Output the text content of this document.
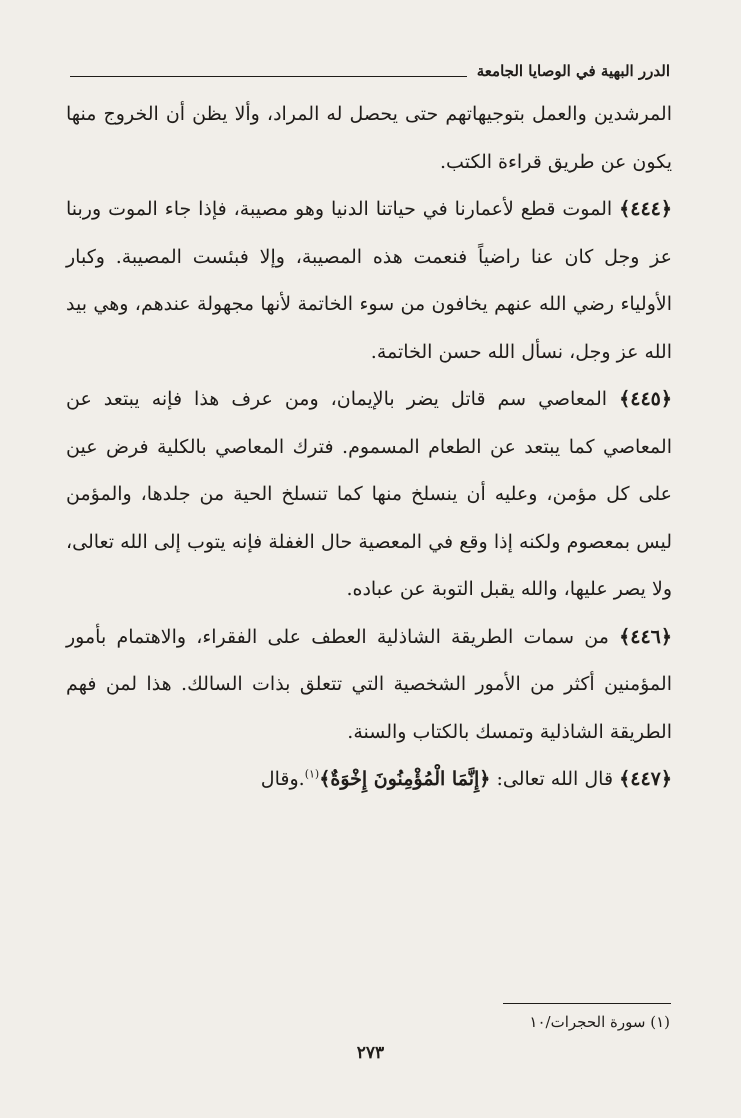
الدرر البهية في الوصايا الجامعة

المرشدين والعمل بتوجيهاتهم حتى يحصل له المراد، وألا يظن أن الخروج منها يكون عن طريق قراءة الكتب.

﴿٤٤٤﴾ الموت قطع لأعمارنا في حياتنا الدنيا وهو مصيبة، فإذا جاء الموت وربنا عز وجل كان عنا راضياً فنعمت هذه المصيبة، وإلا فبئست المصيبة. وكبار الأولياء رضي الله عنهم يخافون من سوء الخاتمة لأنها مجهولة عندهم، وهي بيد الله عز وجل، نسأل الله حسن الخاتمة.

﴿٤٤٥﴾ المعاصي سم قاتل يضر بالإيمان، ومن عرف هذا فإنه يبتعد عن المعاصي كما يبتعد عن الطعام المسموم. فترك المعاصي بالكلية فرض عين على كل مؤمن، وعليه أن ينسلخ منها كما تنسلخ الحية من جلدها، والمؤمن ليس بمعصوم ولكنه إذا وقع في المعصية حال الغفلة فإنه يتوب إلى الله تعالى، ولا يصر عليها، والله يقبل التوبة عن عباده.

﴿٤٤٦﴾ من سمات الطريقة الشاذلية العطف على الفقراء، والاهتمام بأمور المؤمنين أكثر من الأمور الشخصية التي تتعلق بذات السالك. هذا لمن فهم الطريقة الشاذلية وتمسك بالكتاب والسنة.

﴿٤٤٧﴾ قال الله تعالى: ﴿إِنَّمَا الْمُؤْمِنُونَ إِخْوَةٌ﴾$^{(١)}$.وقال

(١) سورة الحجرات/١٠
٢٧٣
